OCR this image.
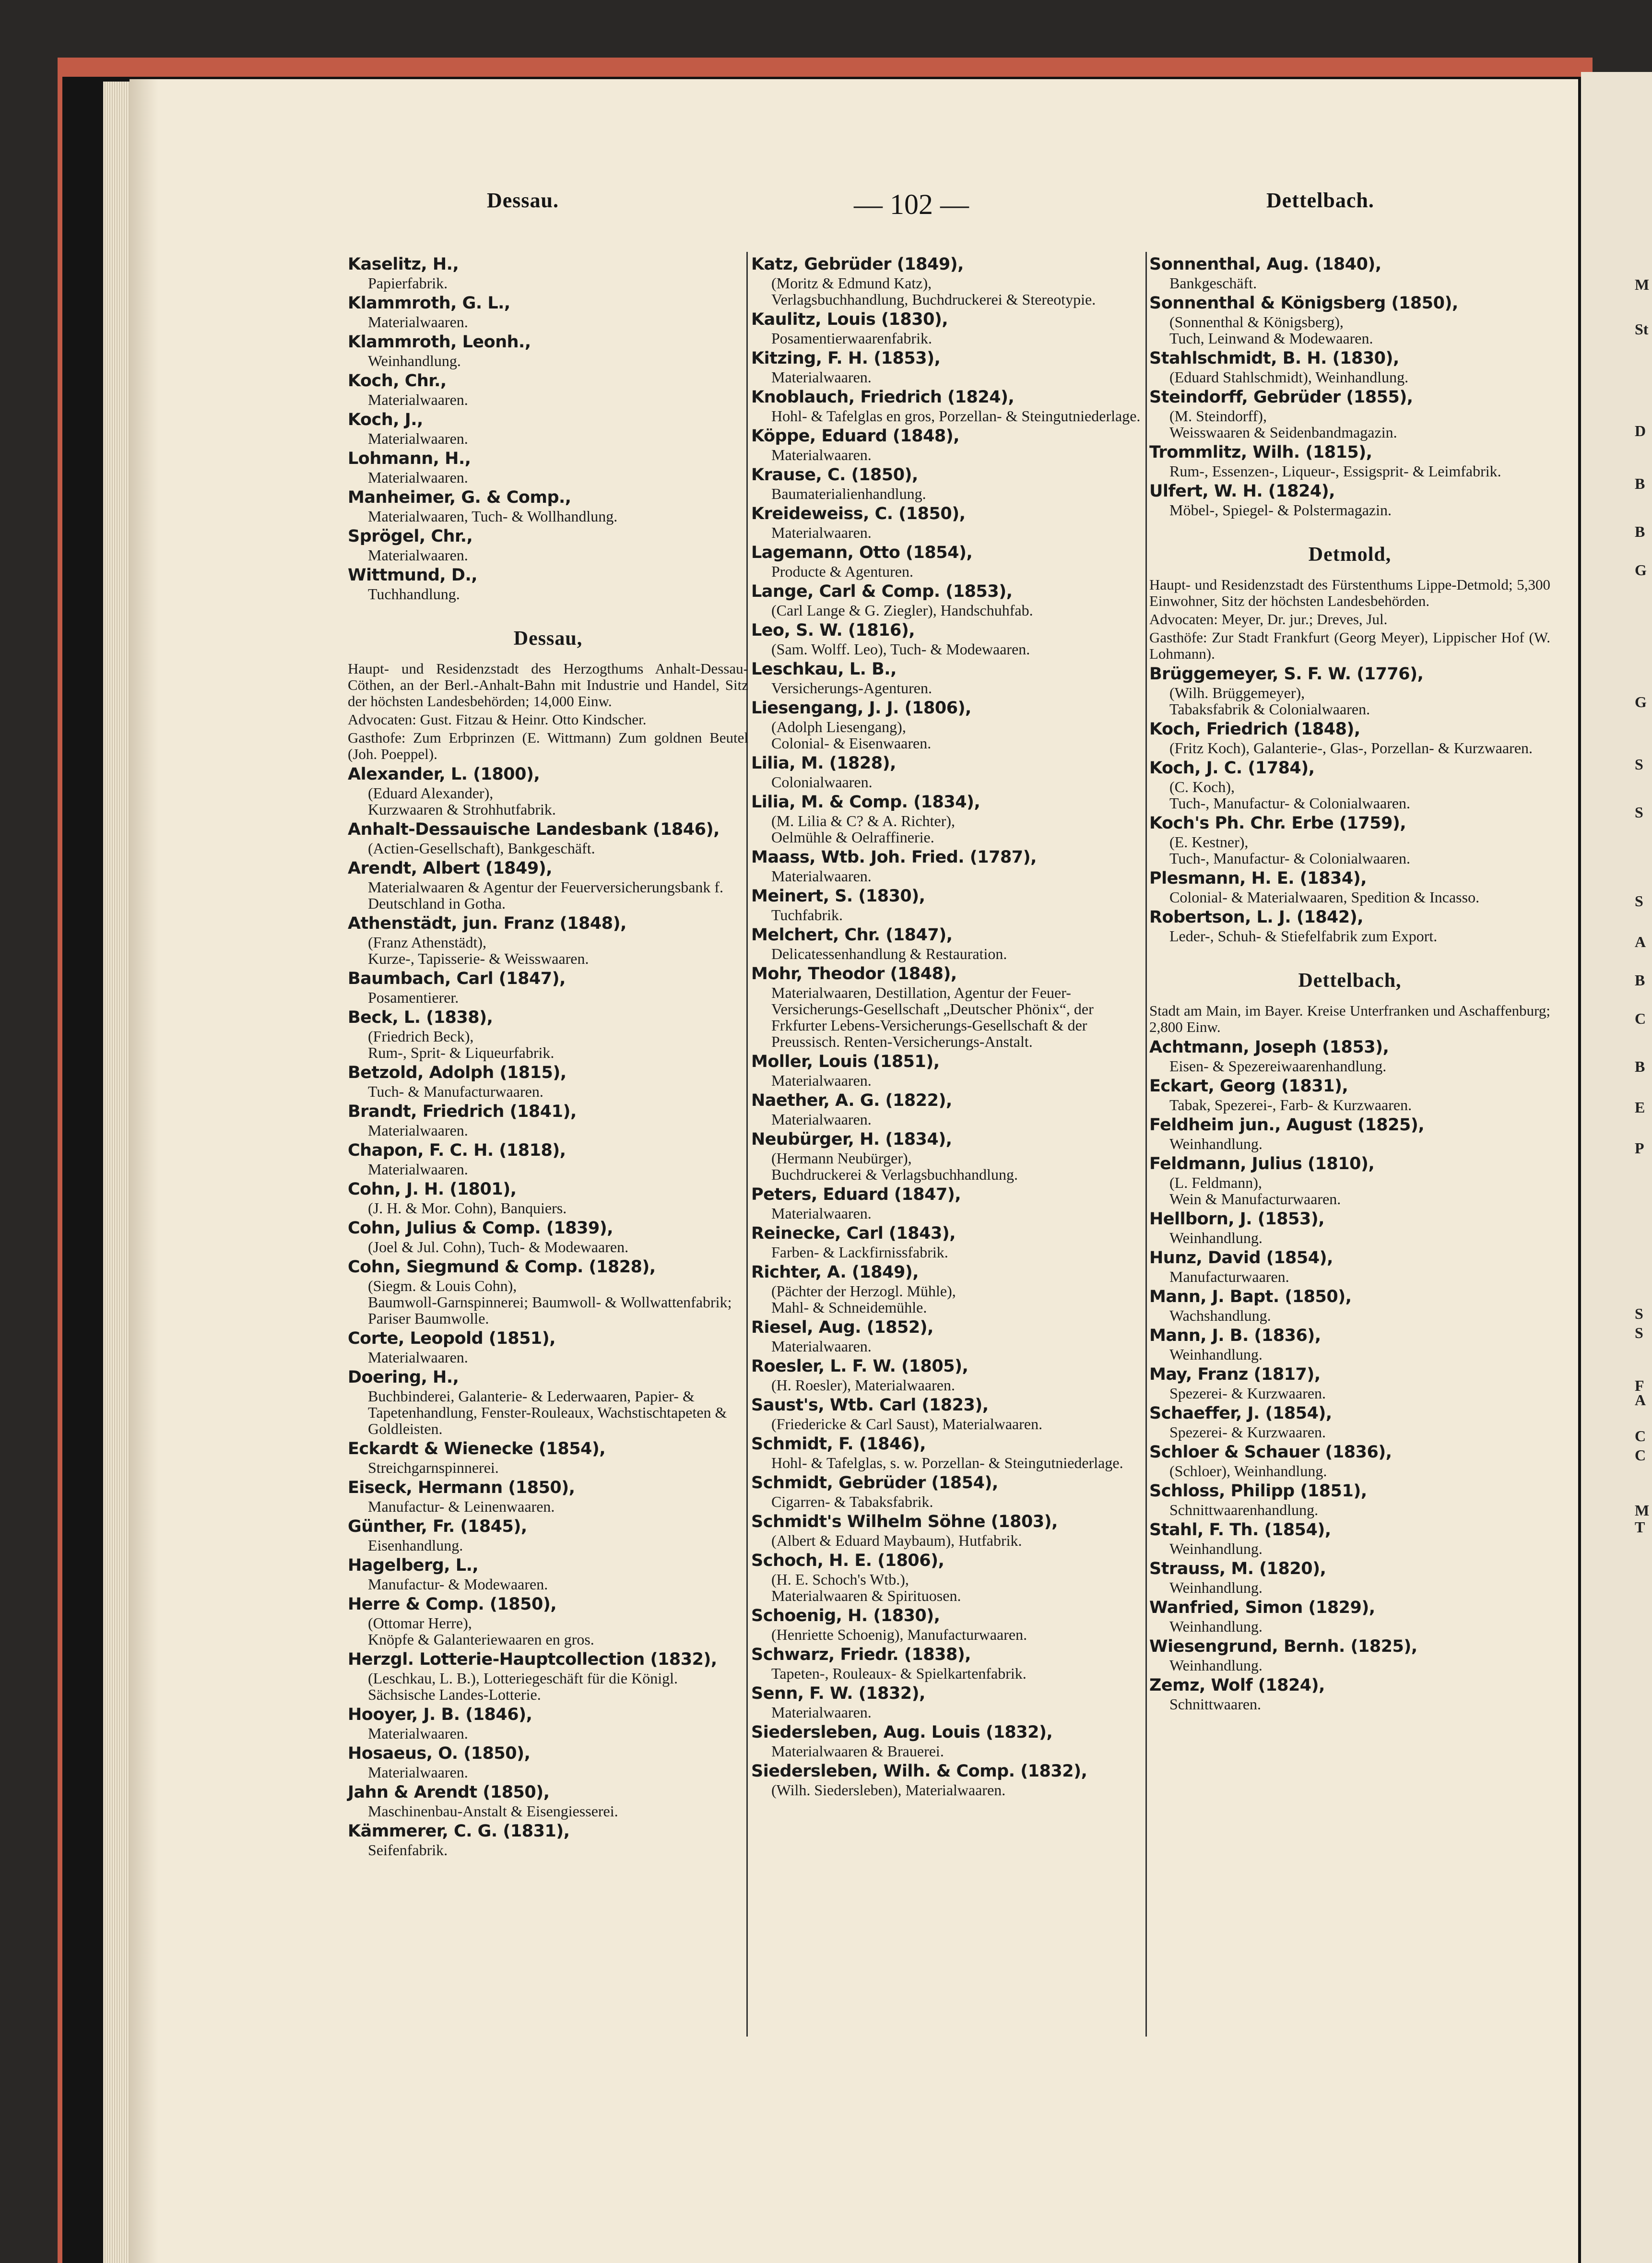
M
St
D
B
B
G
G
S
S
S
A
B
C
B
E
P
S
S
F
A
C
C
M
T
Dessau.	— 102 —	Dettelbach.
Kaselitz, H.,
Papierfabrik.
Klammroth, G. L.,
Materialwaaren.
Klammroth, Leonh.,
Weinhandlung.
Koch, Chr.,
Materialwaaren.
Koch, J.,
Materialwaaren.
Lohmann, H.,
Materialwaaren.
Manheimer, G. & Comp.,
Materialwaaren, Tuch- & Wollhandlung.
Sprögel, Chr.,
Materialwaaren.
Wittmund, D.,
Tuchhandlung.
Dessau,
Haupt- und Residenzstadt des Herzogthums Anhalt-Dessau-Cöthen, an der Berl.-Anhalt-Bahn mit Industrie und Handel, Sitz der höchsten Landesbehörden; 14,000 Einw.
Advocaten: Gust. Fitzau & Heinr. Otto Kindscher.
Gasthofe: Zum Erbprinzen (E. Wittmann) Zum goldnen Beutel (Joh. Poeppel).
Alexander, L. (1800),
(Eduard Alexander),
Kurzwaaren & Strohhutfabrik.
Anhalt-Dessauische Landesbank (1846),
(Actien-Gesellschaft), Bankgeschäft.
Arendt, Albert (1849),
Materialwaaren & Agentur der Feuerversicherungsbank f. Deutschland in Gotha.
Athenstädt, jun. Franz (1848),
(Franz Athenstädt),
Kurze-, Tapisserie- & Weisswaaren.
Baumbach, Carl (1847),
Posamentierer.
Beck, L. (1838),
(Friedrich Beck),
Rum-, Sprit- & Liqueurfabrik.
Betzold, Adolph (1815),
Tuch- & Manufacturwaaren.
Brandt, Friedrich (1841),
Materialwaaren.
Chapon, F. C. H. (1818),
Materialwaaren.
Cohn, J. H. (1801),
(J. H. & Mor. Cohn), Banquiers.
Cohn, Julius & Comp. (1839),
(Joel & Jul. Cohn), Tuch- & Modewaaren.
Cohn, Siegmund & Comp. (1828),
(Siegm. & Louis Cohn),
Baumwoll-Garnspinnerei; Baumwoll- & Wollwattenfabrik; Pariser Baumwolle.
Corte, Leopold (1851),
Materialwaaren.
Doering, H.,
Buchbinderei, Galanterie- & Lederwaaren, Papier- & Tapetenhandlung, Fenster-Rouleaux, Wachstischtapeten & Goldleisten.
Eckardt & Wienecke (1854),
Streichgarnspinnerei.
Eiseck, Hermann (1850),
Manufactur- & Leinenwaaren.
Günther, Fr. (1845),
Eisenhandlung.
Hagelberg, L.,
Manufactur- & Modewaaren.
Herre & Comp. (1850),
(Ottomar Herre),
Knöpfe & Galanteriewaaren en gros.
Herzgl. Lotterie-Hauptcollection (1832),
(Leschkau, L. B.), Lotteriegeschäft für die Königl. Sächsische Landes-Lotterie.
Hooyer, J. B. (1846),
Materialwaaren.
Hosaeus, O. (1850),
Materialwaaren.
Jahn & Arendt (1850),
Maschinenbau-Anstalt & Eisengiesserei.
Kämmerer, C. G. (1831),
Seifenfabrik.
Katz, Gebrüder (1849),
(Moritz & Edmund Katz),
Verlagsbuchhandlung, Buchdruckerei & Stereotypie.
Kaulitz, Louis (1830),
Posamentierwaarenfabrik.
Kitzing, F. H. (1853),
Materialwaaren.
Knoblauch, Friedrich (1824),
Hohl- & Tafelglas en gros, Porzellan- & Steingutniederlage.
Köppe, Eduard (1848),
Materialwaaren.
Krause, C. (1850),
Baumaterialienhandlung.
Kreideweiss, C. (1850),
Materialwaaren.
Lagemann, Otto (1854),
Producte & Agenturen.
Lange, Carl & Comp. (1853),
(Carl Lange & G. Ziegler), Handschuhfab.
Leo, S. W. (1816),
(Sam. Wolff. Leo), Tuch- & Modewaaren.
Leschkau, L. B.,
Versicherungs-Agenturen.
Liesengang, J. J. (1806),
(Adolph Liesengang),
Colonial- & Eisenwaaren.
Lilia, M. (1828),
Colonialwaaren.
Lilia, M. & Comp. (1834),
(M. Lilia & C? & A. Richter),
Oelmühle & Oelraffinerie.
Maass, Wtb. Joh. Fried. (1787),
Materialwaaren.
Meinert, S. (1830),
Tuchfabrik.
Melchert, Chr. (1847),
Delicatessenhandlung & Restauration.
Mohr, Theodor (1848),
Materialwaaren, Destillation, Agentur der Feuer-Versicherungs-Gesellschaft „Deutscher Phönix“, der Frkfurter Lebens-Versicherungs-Gesellschaft & der Preussisch. Renten-Versicherungs-Anstalt.
Moller, Louis (1851),
Materialwaaren.
Naether, A. G. (1822),
Materialwaaren.
Neubürger, H. (1834),
(Hermann Neubürger),
Buchdruckerei & Verlagsbuchhandlung.
Peters, Eduard (1847),
Materialwaaren.
Reinecke, Carl (1843),
Farben- & Lackfirnissfabrik.
Richter, A. (1849),
(Pächter der Herzogl. Mühle),
Mahl- & Schneidemühle.
Riesel, Aug. (1852),
Materialwaaren.
Roesler, L. F. W. (1805),
(H. Roesler), Materialwaaren.
Saust's, Wtb. Carl (1823),
(Friedericke & Carl Saust), Materialwaaren.
Schmidt, F. (1846),
Hohl- & Tafelglas, s. w. Porzellan- & Steingutniederlage.
Schmidt, Gebrüder (1854),
Cigarren- & Tabaksfabrik.
Schmidt's Wilhelm Söhne (1803),
(Albert & Eduard Maybaum), Hutfabrik.
Schoch, H. E. (1806),
(H. E. Schoch's Wtb.),
Materialwaaren & Spirituosen.
Schoenig, H. (1830),
(Henriette Schoenig), Manufacturwaaren.
Schwarz, Friedr. (1838),
Tapeten-, Rouleaux- & Spielkartenfabrik.
Senn, F. W. (1832),
Materialwaaren.
Siedersleben, Aug. Louis (1832),
Materialwaaren & Brauerei.
Siedersleben, Wilh. & Comp. (1832),
(Wilh. Siedersleben), Materialwaaren.
Sonnenthal, Aug. (1840),
Bankgeschäft.
Sonnenthal & Königsberg (1850),
(Sonnenthal & Königsberg),
Tuch, Leinwand & Modewaaren.
Stahlschmidt, B. H. (1830),
(Eduard Stahlschmidt), Weinhandlung.
Steindorff, Gebrüder (1855),
(M. Steindorff),
Weisswaaren & Seidenbandmagazin.
Trommlitz, Wilh. (1815),
Rum-, Essenzen-, Liqueur-, Essigsprit- & Leimfabrik.
Ulfert, W. H. (1824),
Möbel-, Spiegel- & Polstermagazin.
Detmold,
Haupt- und Residenzstadt des Fürstenthums Lippe-Detmold; 5,300 Einwohner, Sitz der höchsten Landesbehörden.
Advocaten: Meyer, Dr. jur.; Dreves, Jul.
Gasthöfe: Zur Stadt Frankfurt (Georg Meyer), Lippischer Hof (W. Lohmann).
Brüggemeyer, S. F. W. (1776),
(Wilh. Brüggemeyer),
Tabaksfabrik & Colonialwaaren.
Koch, Friedrich (1848),
(Fritz Koch), Galanterie-, Glas-, Porzellan- & Kurzwaaren.
Koch, J. C. (1784),
(C. Koch),
Tuch-, Manufactur- & Colonialwaaren.
Koch's Ph. Chr. Erbe (1759),
(E. Kestner),
Tuch-, Manufactur- & Colonialwaaren.
Plesmann, H. E. (1834),
Colonial- & Materialwaaren, Spedition & Incasso.
Robertson, L. J. (1842),
Leder-, Schuh- & Stiefelfabrik zum Export.
Dettelbach,
Stadt am Main, im Bayer. Kreise Unterfranken und Aschaffenburg; 2,800 Einw.
Achtmann, Joseph (1853),
Eisen- & Spezereiwaarenhandlung.
Eckart, Georg (1831),
Tabak, Spezerei-, Farb- & Kurzwaaren.
Feldheim jun., August (1825),
Weinhandlung.
Feldmann, Julius (1810),
(L. Feldmann),
Wein & Manufacturwaaren.
Hellborn, J. (1853),
Weinhandlung.
Hunz, David (1854),
Manufacturwaaren.
Mann, J. Bapt. (1850),
Wachshandlung.
Mann, J. B. (1836),
Weinhandlung.
May, Franz (1817),
Spezerei- & Kurzwaaren.
Schaeffer, J. (1854),
Spezerei- & Kurzwaaren.
Schloer & Schauer (1836),
(Schloer), Weinhandlung.
Schloss, Philipp (1851),
Schnittwaarenhandlung.
Stahl, F. Th. (1854),
Weinhandlung.
Strauss, M. (1820),
Weinhandlung.
Wanfried, Simon (1829),
Weinhandlung.
Wiesengrund, Bernh. (1825),
Weinhandlung.
Zemz, Wolf (1824),
Schnittwaaren.
